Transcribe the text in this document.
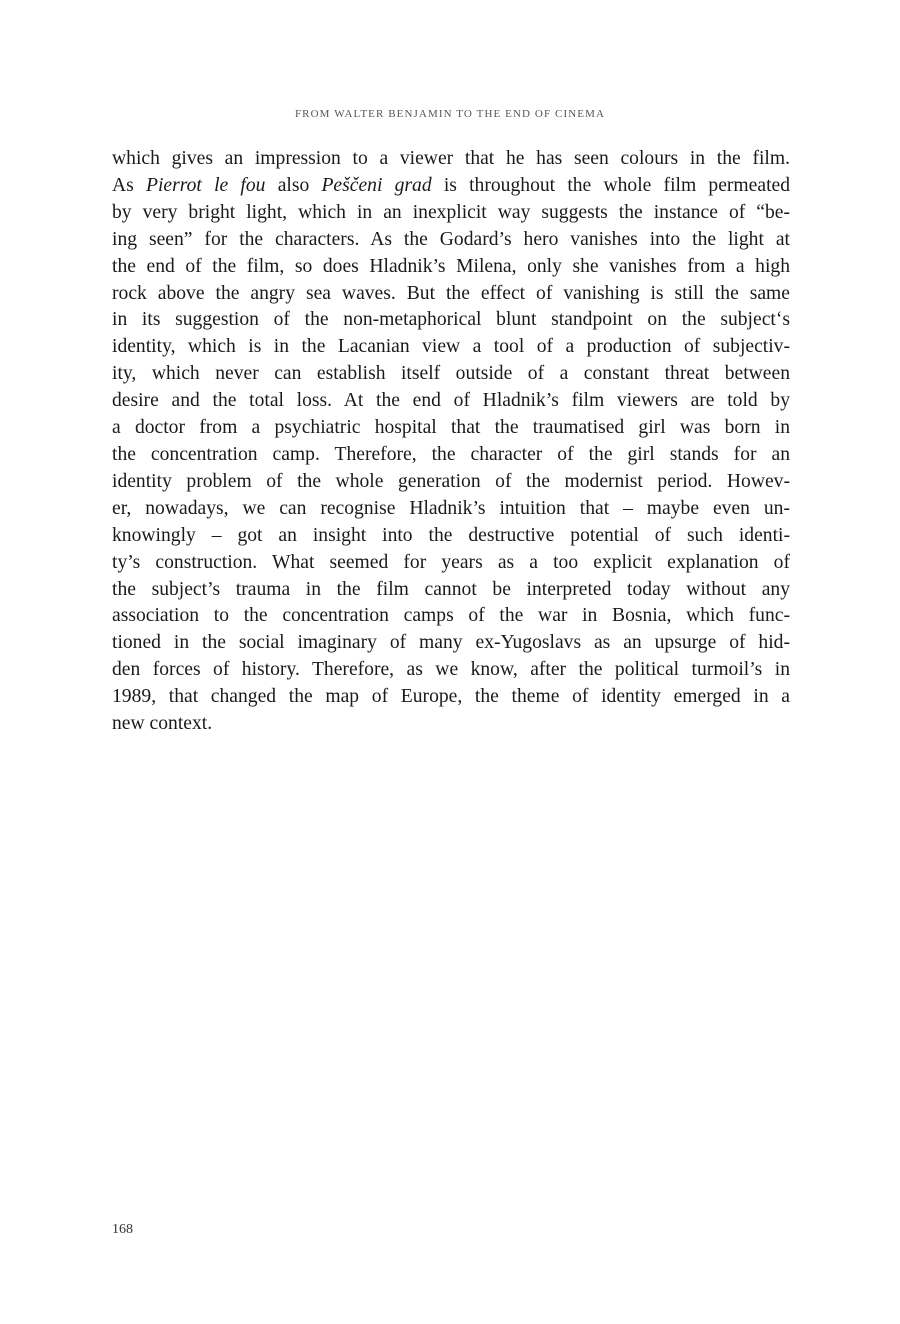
FROM WALTER BENJAMIN TO THE END OF CINEMA
which gives an impression to a viewer that he has seen colours in the film.
As Pierrot le fou also Peščeni grad is throughout the whole film permeated
by very bright light, which in an inexplicit way suggests the instance of “be-
ing seen” for the characters. As the Godard’s hero vanishes into the light at
the end of the film, so does Hladnik’s Milena, only she vanishes from a high
rock above the angry sea waves. But the effect of vanishing is still the same
in its suggestion of the non-metaphorical blunt standpoint on the subject‘s
identity, which is in the Lacanian view a tool of a production of subjectiv-
ity, which never can establish itself outside of a constant threat between
desire and the total loss. At the end of Hladnik’s film viewers are told by
a doctor from a psychiatric hospital that the traumatised girl was born in
the concentration camp. Therefore, the character of the girl stands for an
identity problem of the whole generation of the modernist period. Howev-
er, nowadays, we can recognise Hladnik’s intuition that – maybe even un-
knowingly – got an insight into the destructive potential of such identi-
ty’s construction. What seemed for years as a too explicit explanation of
the subject’s trauma in the film cannot be interpreted today without any
association to the concentration camps of the war in Bosnia, which func-
tioned in the social imaginary of many ex-Yugoslavs as an upsurge of hid-
den forces of history. Therefore, as we know, after the political turmoil’s in
1989, that changed the map of Europe, the theme of identity emerged in a
new context.
168
